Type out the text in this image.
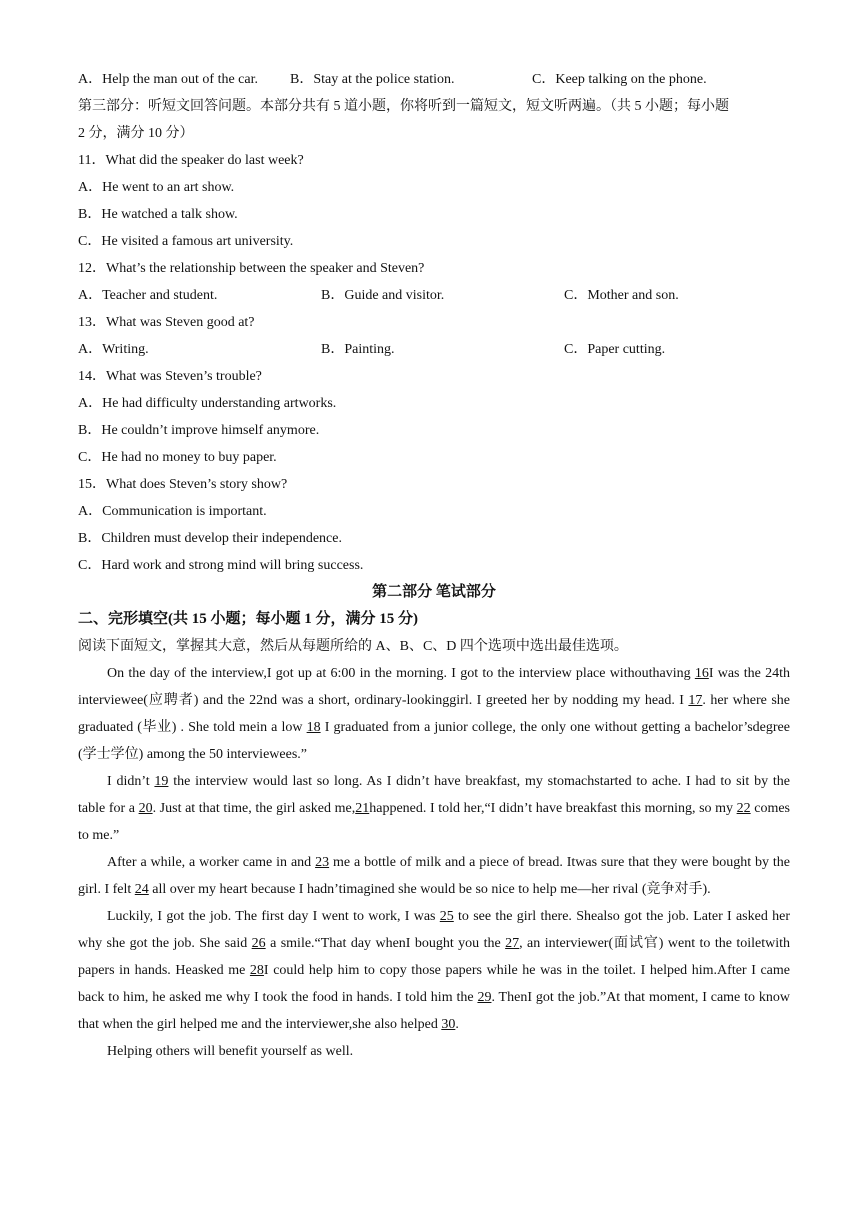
A．Help the man out of the car.	B．Stay at the police station.	C．Keep talking on the phone.
第三部分：听短文回答问题。本部分共有 5 道小题，你将听到一篇短文，短文听两遍。（共 5 小题；每小题
2 分，满分 10 分）
11．What did the speaker do last week?
A．He went to an art show.
B．He watched a talk show.
C．He visited a famous art university.
12．What’s the relationship between the speaker and Steven?
A．Teacher and student.	B．Guide and visitor.	C．Mother and son.
13．What was Steven good at?
A．Writing.	B．Painting.	C．Paper cutting.
14．What was Steven’s trouble?
A．He had difficulty understanding artworks.
B．He couldn’t improve himself anymore.
C．He had no money to buy paper.
15．What does Steven’s story show?
A．Communication is important.
B．Children must develop their independence.
C．Hard work and strong mind will bring success.
第二部分 笔试部分
二、完形填空(共 15 小题；每小题 1 分，满分 15 分)
阅读下面短文，掌握其大意，然后从每题所给的 A、B、C、D 四个选项中选出最佳选项。

On the day of the interview,I got up at 6:00 in the morning. I got to the interview place withouthaving 16I was the 24th interviewee(应聘者) and the 22nd was a short, ordinary-lookinggirl. I greeted her by nodding my head. I 17. her where she graduated (毕业) . She told mein a low 18 I graduated from a junior college, the only one without getting a bachelor’sdegree (学士学位) among the 50 interviewees.”

I didn’t 19 the interview would last so long. As I didn’t have breakfast, my stomachstarted to ache. I had to sit by the table for a 20. Just at that time, the girl asked me,21happened. I told her,“I didn’t have breakfast this morning, so my 22 comes to me.”

After a while, a worker came in and 23 me a bottle of milk and a piece of bread. Itwas sure that they were bought by the girl. I felt 24 all over my heart because I hadn’timagined she would be so nice to help me—her rival (竞争对手).

Luckily, I got the job. The first day I went to work, I was 25 to see the girl there. Shealso got the job. Later I asked her why she got the job. She said 26 a smile.“That day whenI bought you the 27, an interviewer(面试官) went to the toiletwith papers in hands. Heasked me 28I could help him to copy those papers while he was in the toilet. I helped him.After I came back to him, he asked me why I took the food in hands. I told him the 29. ThenI got the job.”At that moment, I came to know that when the girl helped me and the interviewer,she also helped 30.

Helping others will benefit yourself as well.
